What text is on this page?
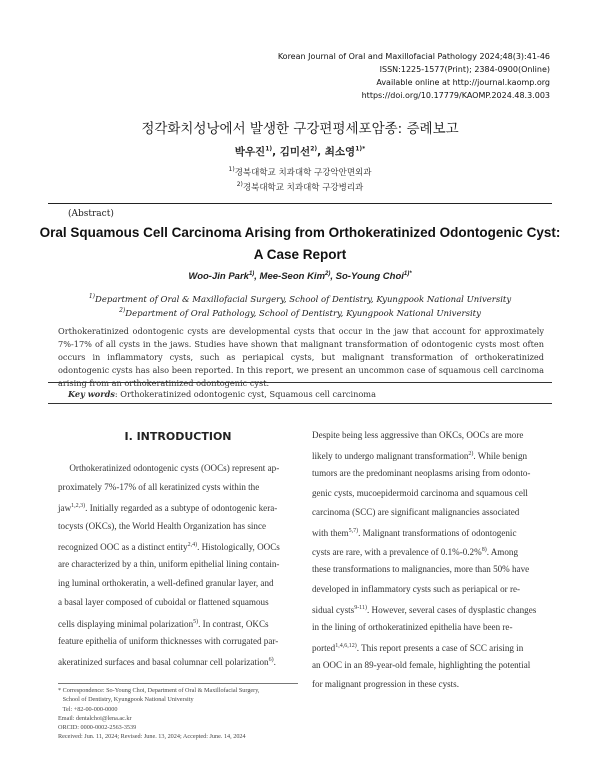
Korean Journal of Oral and Maxillofacial Pathology 2024;48(3):41-46
ISSN:1225-1577(Print); 2384-0900(Online)
Available online at http://journal.kaomp.org
https://doi.org/10.17779/KAOMP.2024.48.3.003
정각화치성낭에서 발생한 구강편평세포암종: 증례보고
박우진$^{1)}$, 김미선$^{2)}$, 최소영$^{1)*}$
$^{1)}$경북대학교 치과대학 구강악안면외과
$^{2)}$경북대학교 치과대학 구강병리과
(Abstract)
Oral Squamous Cell Carcinoma Arising from Orthokeratinized Odontogenic Cyst:
A Case Report
Woo-Jin Park$^{1)}$, Mee-Seon Kim$^{2)}$, So-Young Choi$^{1)*}$
$^{1)}$Department of Oral & Maxillofacial Surgery, School of Dentistry, Kyungpook National University
$^{2)}$Department of Oral Pathology, School of Dentistry, Kyungpook National University
Orthokeratinized odontogenic cysts are developmental cysts that occur in the jaw that account for approximately 7%-17% of all cysts in the jaws. Studies have shown that malignant transformation of odontogenic cysts most often occurs in inflammatory cysts, such as periapical cysts, but malignant transformation of orthokeratinized odontogenic cysts has also been reported. In this report, we present an uncommon case of squamous cell carcinoma arising from an orthokeratinized odontogenic cyst.
Key words: Orthokeratinized odontogenic cyst, Squamous cell carcinoma
Ⅰ. INTRODUCTION
Orthokeratinized odontogenic cysts (OOCs) represent ap-
proximately 7%-17% of all keratinized cysts within the
jaw$^{1,2,3)}$. Initially regarded as a subtype of odontogenic kera-
tocysts (OKCs), the World Health Organization has since
recognized OOC as a distinct entity$^{2,4)}$. Histologically, OOCs
are characterized by a thin, uniform epithelial lining contain-
ing luminal orthokeratin, a well-defined granular layer, and
a basal layer composed of cuboidal or flattened squamous
cells displaying minimal polarization$^{5)}$. In contrast, OKCs
feature epithelia of uniform thicknesses with corrugated par-
akeratinized surfaces and basal columnar cell polarization$^{6)}$.
Despite being less aggressive than OKCs, OOCs are more
likely to undergo malignant transformation$^{2)}$. While benign
tumors are the predominant neoplasms arising from odonto-
genic cysts, mucoepidermoid carcinoma and squamous cell
carcinoma (SCC) are significant malignancies associated
with them$^{5,7)}$. Malignant transformations of odontogenic
cysts are rare, with a prevalence of 0.1%-0.2%$^{8)}$. Among
these transformations to malignancies, more than 50% have
developed in inflammatory cysts such as periapical or re-
sidual cysts$^{9-11)}$. However, several cases of dysplastic changes
in the lining of orthokeratinized epithelia have been re-
ported$^{1,4,6,12)}$. This report presents a case of SCC arising in
an OOC in an 89-year-old female, highlighting the potential
for malignant progression in these cysts.
* Correspondence: So-Young Choi, Department of Oral & Maxillofacial Surgery,
School of Dentistry, Kyungpook National University
Tel: +82-00-000-0000
Email: dentalchoi@lena.ac.kr
ORCID: 0000-0002-2563-3539
Received: Jun. 11, 2024; Revised: June. 13, 2024; Accepted: June. 14, 2024
